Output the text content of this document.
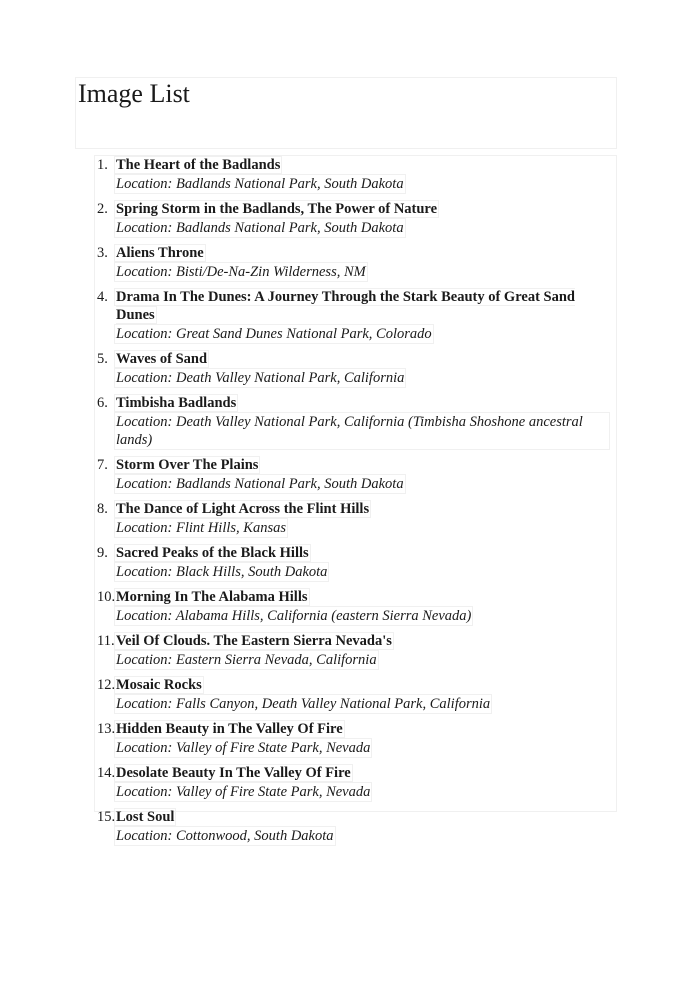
Image List
1. The Heart of the Badlands
Location: Badlands National Park, South Dakota
2. Spring Storm in the Badlands, The Power of Nature
Location: Badlands National Park, South Dakota
3. Aliens Throne
Location: Bisti/De-Na-Zin Wilderness, NM
4. Drama In The Dunes: A Journey Through the Stark Beauty of Great Sand Dunes
Location: Great Sand Dunes National Park, Colorado
5. Waves of Sand
Location: Death Valley National Park, California
6. Timbisha Badlands
Location: Death Valley National Park, California (Timbisha Shoshone ancestral lands)
7. Storm Over The Plains
Location: Badlands National Park, South Dakota
8. The Dance of Light Across the Flint Hills
Location: Flint Hills, Kansas
9. Sacred Peaks of the Black Hills
Location: Black Hills, South Dakota
10. Morning In The Alabama Hills
Location: Alabama Hills, California (eastern Sierra Nevada)
11. Veil Of Clouds. The Eastern Sierra Nevada's
Location: Eastern Sierra Nevada, California
12. Mosaic Rocks
Location: Falls Canyon, Death Valley National Park, California
13. Hidden Beauty in The Valley Of Fire
Location: Valley of Fire State Park, Nevada
14. Desolate Beauty In The Valley Of Fire
Location: Valley of Fire State Park, Nevada
15. Lost Soul
Location: Cottonwood, South Dakota
